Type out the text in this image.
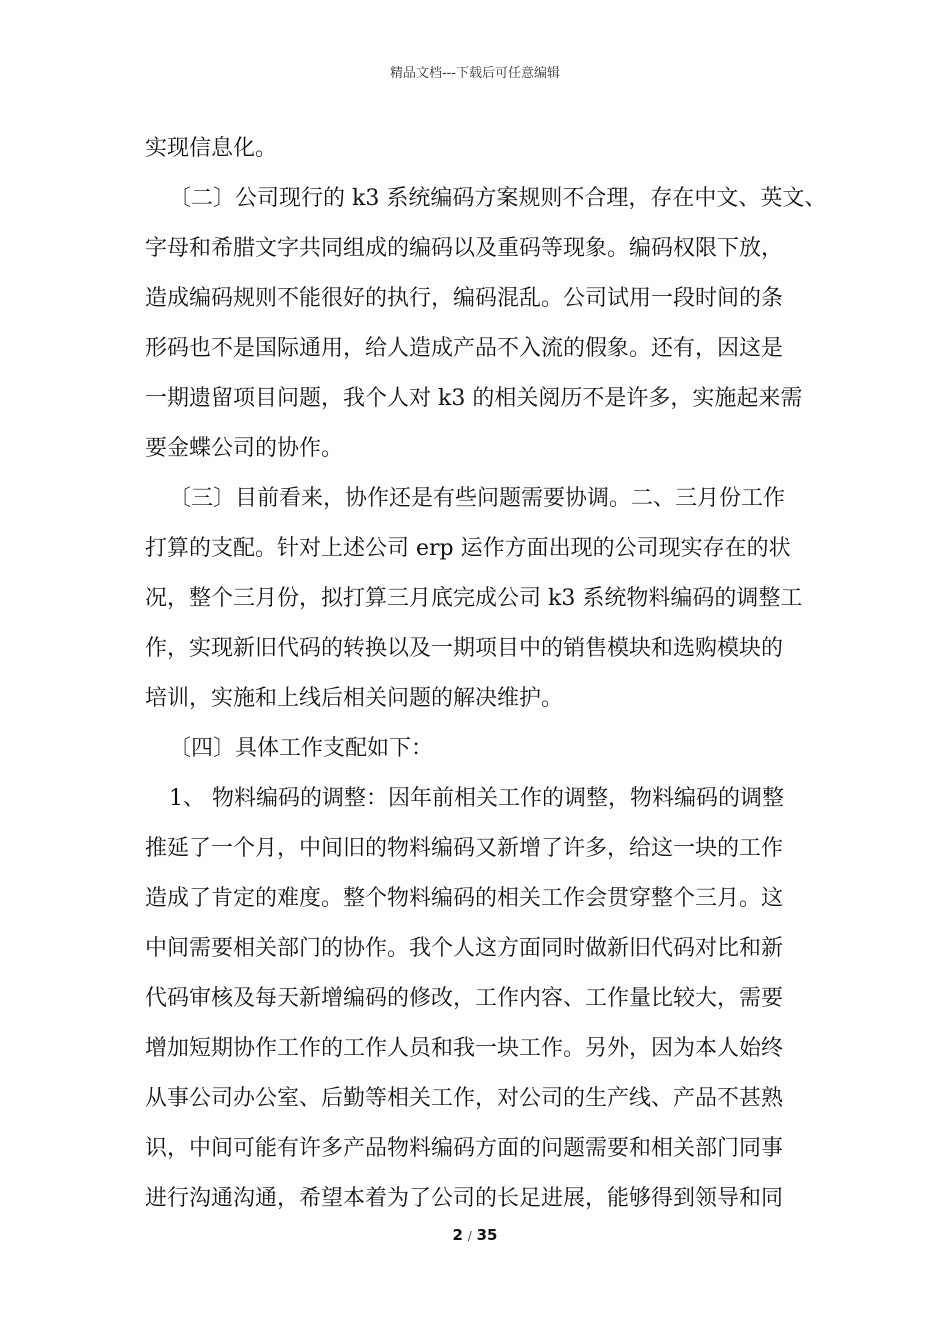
精品文档---下载后可任意编辑
实现信息化。
〔二〕公司现行的 k3 系统编码方案规则不合理，存在中文、英文、
字母和希腊文字共同组成的编码以及重码等现象。编码权限下放，
造成编码规则不能很好的执行，编码混乱。公司试用一段时间的条
形码也不是国际通用，给人造成产品不入流的假象。还有，因这是
一期遗留项目问题，我个人对 k3 的相关阅历不是许多，实施起来需
要金蝶公司的协作。
〔三〕目前看来，协作还是有些问题需要协调。二、三月份工作
打算的支配。针对上述公司 erp 运作方面出现的公司现实存在的状
况，整个三月份，拟打算三月底完成公司 k3 系统物料编码的调整工
作，实现新旧代码的转换以及一期项目中的销售模块和选购模块的
培训，实施和上线后相关问题的解决维护。
〔四〕具体工作支配如下：
1、 物料编码的调整：因年前相关工作的调整，物料编码的调整
推延了一个月，中间旧的物料编码又新增了许多，给这一块的工作
造成了肯定的难度。整个物料编码的相关工作会贯穿整个三月。这
中间需要相关部门的协作。我个人这方面同时做新旧代码对比和新
代码审核及每天新增编码的修改，工作内容、工作量比较大，需要
增加短期协作工作的工作人员和我一块工作。另外，因为本人始终
从事公司办公室、后勤等相关工作，对公司的生产线、产品不甚熟
识，中间可能有许多产品物料编码方面的问题需要和相关部门同事
进行沟通沟通，希望本着为了公司的长足进展，能够得到领导和同
2 / 35
